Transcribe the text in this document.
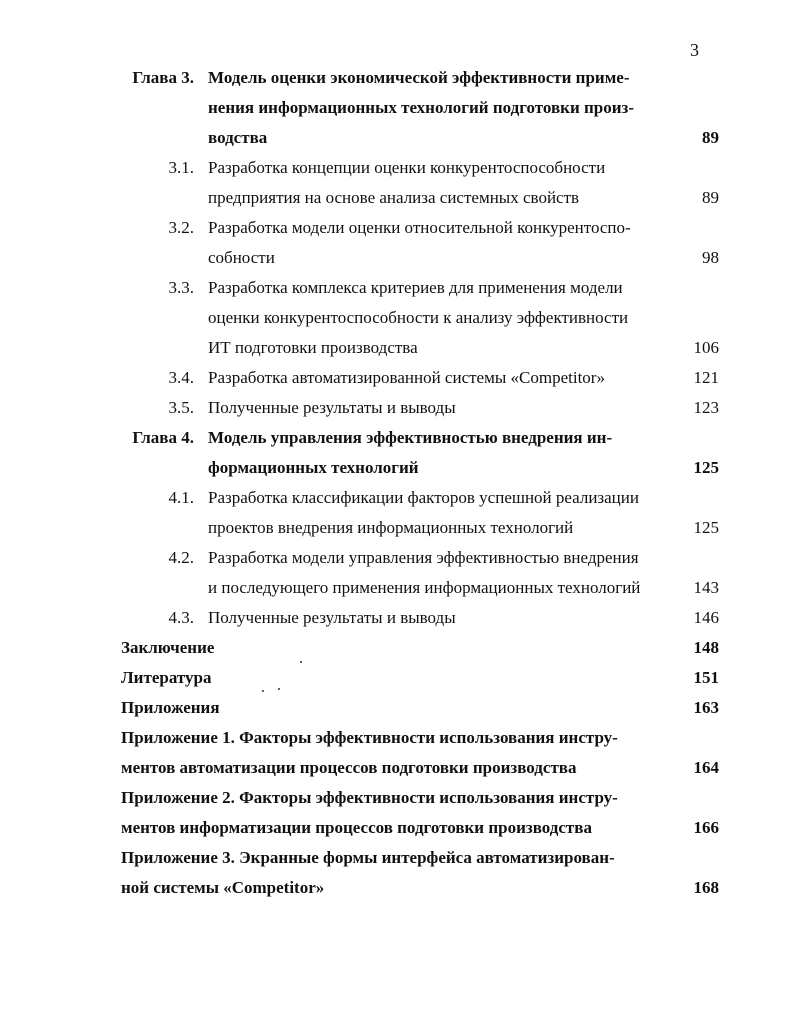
3
Глава 3. Модель оценки экономической эффективности приме-
нения информационных технологий подготовки произ-
водства	89
3.1. Разработка концепции оценки конкурентоспособности
предприятия на основе анализа системных свойств	89
3.2. Разработка модели оценки относительной конкурентоспо-
собности	98
3.3. Разработка комплекса критериев для применения модели
оценки конкурентоспособности к анализу эффективности
ИТ подготовки производства	106
3.4. Разработка автоматизированной системы «Competitor»	121
3.5. Полученные результаты и выводы	123
Глава 4. Модель управления эффективностью внедрения ин-
формационных технологий	125
4.1. Разработка классификации факторов успешной реализации
проектов внедрения информационных технологий	125
4.2. Разработка модели управления эффективностью внедрения
и последующего применения информационных технологий	143
4.3. Полученные результаты и выводы	146
Заключение	148
Литература	151
Приложения	163
Приложение 1. Факторы эффективности использования инстру-
ментов автоматизации процессов подготовки производства	164
Приложение 2. Факторы эффективности использования инстру-
ментов информатизации процессов подготовки производства	166
Приложение 3. Экранные формы интерфейса автоматизирован-
ной системы «Competitor»	168
